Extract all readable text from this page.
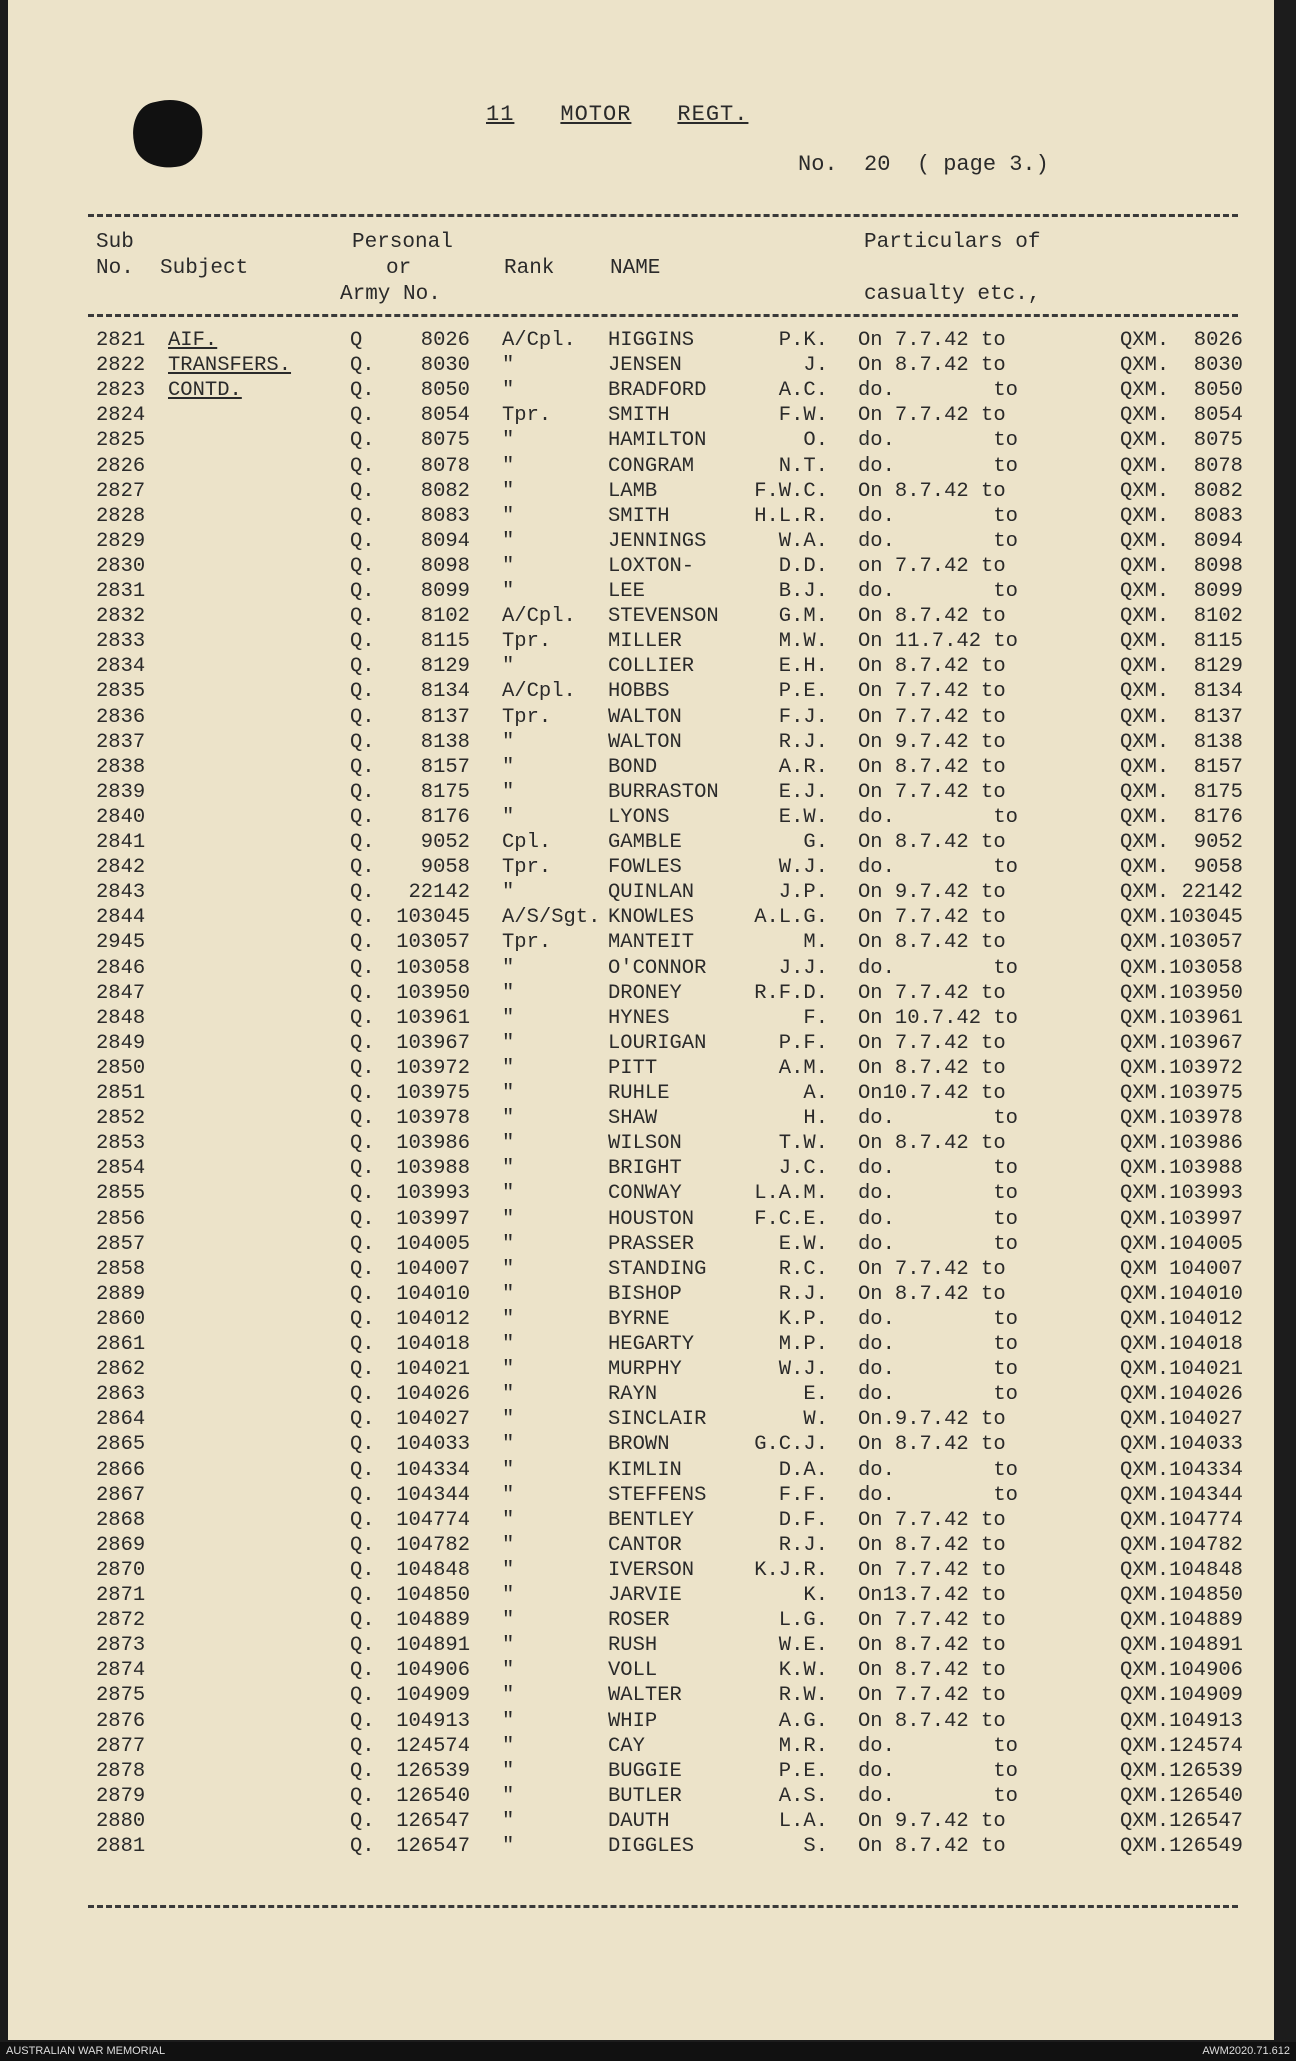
11 MOTOR REGT.
No.  20  ( page 3.)
Sub
No. Subject
Personal
or
Army No.
Rank	NAME
Particulars of
casualty etc.,
2821 AIF.	Q	8026 A/Cpl. HIGGINS	P.K. On 7.7.42 to	QXM.  8026
2822 TRANSFERS.	Q.	8030 "	JENSEN	J. On 8.7.42 to	QXM.  8030
2823 CONTD.	Q.	8050 "	BRADFORD	A.C. do.        to	QXM.  8050
2824	Q.	8054 Tpr.	SMITH	F.W. On 7.7.42 to	QXM.  8054
2825	Q.	8075 "	HAMILTON	O. do.        to	QXM.  8075
2826	Q.	8078 "	CONGRAM	N.T. do.        to	QXM.  8078
2827	Q.	8082 "	LAMB	F.W.C. On 8.7.42 to	QXM.  8082
2828	Q.	8083 "	SMITH	H.L.R. do.        to	QXM.  8083
2829	Q.	8094 "	JENNINGS	W.A. do.        to	QXM.  8094
2830	Q.	8098 "	LOXTON-	D.D. on 7.7.42 to	QXM.  8098
2831	Q.	8099 "	LEE	B.J. do.        to	QXM.  8099
2832	Q.	8102 A/Cpl. STEVENSON	G.M. On 8.7.42 to	QXM.  8102
2833	Q.	8115 Tpr.	MILLER	M.W. On 11.7.42 to	QXM.  8115
2834	Q.	8129 "	COLLIER	E.H. On 8.7.42 to	QXM.  8129
2835	Q.	8134 A/Cpl. HOBBS	P.E. On 7.7.42 to	QXM.  8134
2836	Q.	8137 Tpr.	WALTON	F.J. On 7.7.42 to	QXM.  8137
2837	Q.	8138 "	WALTON	R.J. On 9.7.42 to	QXM.  8138
2838	Q.	8157 "	BOND	A.R. On 8.7.42 to	QXM.  8157
2839	Q.	8175 "	BURRASTON	E.J. On 7.7.42 to	QXM.  8175
2840	Q.	8176 "	LYONS	E.W. do.        to	QXM.  8176
2841	Q.	9052 Cpl.	GAMBLE	G. On 8.7.42 to	QXM.  9052
2842	Q.	9058 Tpr.	FOWLES	W.J. do.        to	QXM.  9058
2843	Q.	22142 "	QUINLAN	J.P. On 9.7.42 to	QXM. 22142
2844	Q.	103045 A/S/Sgt. KNOWLES	A.L.G. On 7.7.42 to	QXM.103045
2945	Q.	103057 Tpr.	MANTEIT	M. On 8.7.42 to	QXM.103057
2846	Q.	103058 "	O'CONNOR	J.J. do.        to	QXM.103058
2847	Q.	103950 "	DRONEY	R.F.D. On 7.7.42 to	QXM.103950
2848	Q.	103961 "	HYNES	F. On 10.7.42 to	QXM.103961
2849	Q.	103967 "	LOURIGAN	P.F. On 7.7.42 to	QXM.103967
2850	Q.	103972 "	PITT	A.M. On 8.7.42 to	QXM.103972
2851	Q.	103975 "	RUHLE	A. On10.7.42 to	QXM.103975
2852	Q.	103978 "	SHAW	H. do.        to	QXM.103978
2853	Q.	103986 "	WILSON	T.W. On 8.7.42 to	QXM.103986
2854	Q.	103988 "	BRIGHT	J.C. do.        to	QXM.103988
2855	Q.	103993 "	CONWAY	L.A.M. do.        to	QXM.103993
2856	Q.	103997 "	HOUSTON	F.C.E. do.        to	QXM.103997
2857	Q.	104005 "	PRASSER	E.W. do.        to	QXM.104005
2858	Q.	104007 "	STANDING	R.C. On 7.7.42 to	QXM 104007
2889	Q.	104010 "	BISHOP	R.J. On 8.7.42 to	QXM.104010
2860	Q.	104012 "	BYRNE	K.P. do.        to	QXM.104012
2861	Q.	104018 "	HEGARTY	M.P. do.        to	QXM.104018
2862	Q.	104021 "	MURPHY	W.J. do.        to	QXM.104021
2863	Q.	104026 "	RAYN	E. do.        to	QXM.104026
2864	Q.	104027 "	SINCLAIR	W. On.9.7.42 to	QXM.104027
2865	Q.	104033 "	BROWN	G.C.J. On 8.7.42 to	QXM.104033
2866	Q.	104334 "	KIMLIN	D.A. do.        to	QXM.104334
2867	Q.	104344 "	STEFFENS	F.F. do.        to	QXM.104344
2868	Q.	104774 "	BENTLEY	D.F. On 7.7.42 to	QXM.104774
2869	Q.	104782 "	CANTOR	R.J. On 8.7.42 to	QXM.104782
2870	Q.	104848 "	IVERSON	K.J.R. On 7.7.42 to	QXM.104848
2871	Q.	104850 "	JARVIE	K. On13.7.42 to	QXM.104850
2872	Q.	104889 "	ROSER	L.G. On 7.7.42 to	QXM.104889
2873	Q.	104891 "	RUSH	W.E. On 8.7.42 to	QXM.104891
2874	Q.	104906 "	VOLL	K.W. On 8.7.42 to	QXM.104906
2875	Q.	104909 "	WALTER	R.W. On 7.7.42 to	QXM.104909
2876	Q.	104913 "	WHIP	A.G. On 8.7.42 to	QXM.104913
2877	Q.	124574 "	CAY	M.R. do.        to	QXM.124574
2878	Q.	126539 "	BUGGIE	P.E. do.        to	QXM.126539
2879	Q.	126540 "	BUTLER	A.S. do.        to	QXM.126540
2880	Q.	126547 "	DAUTH	L.A. On 9.7.42 to	QXM.126547
2881	Q.	126547 "	DIGGLES	S. On 8.7.42 to	QXM.126549
AUSTRALIAN WAR MEMORIAL	AWM2020.71.612
